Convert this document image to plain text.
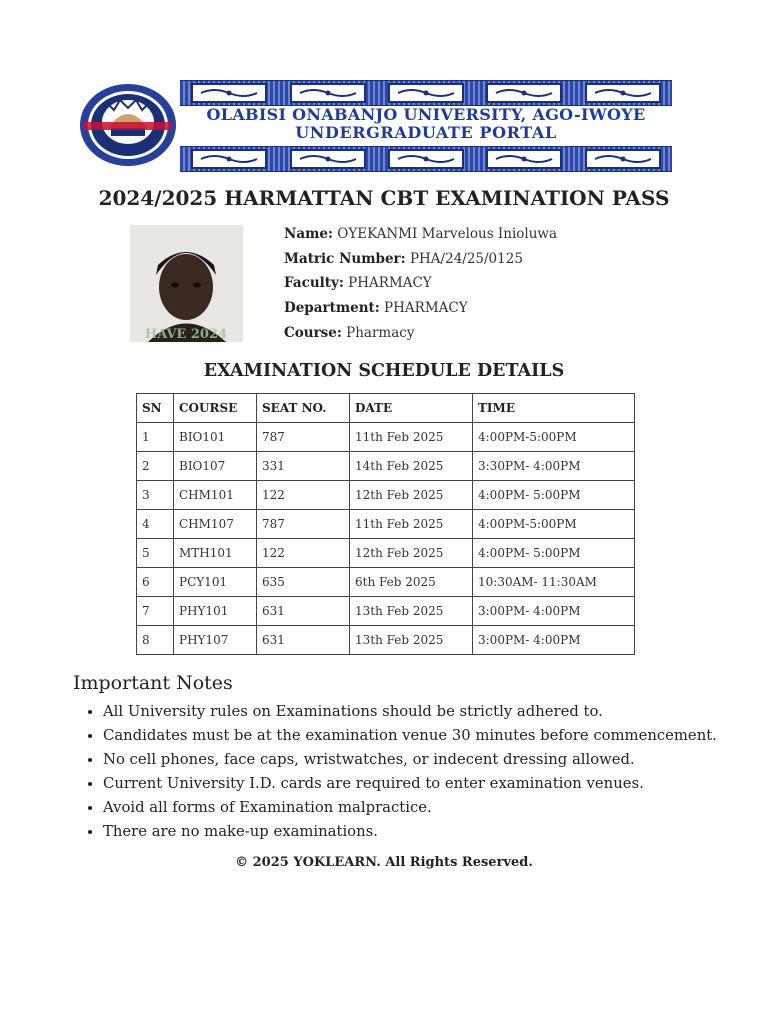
OLABISI ONABANJO UNIVERSITY, AGO-IWOYE
UNDERGRADUATE PORTAL
2024/2025 HARMATTAN CBT EXAMINATION PASS
HAVE 2024
Name: OYEKANMI Marvelous Inioluwa
Matric Number: PHA/24/25/0125
Faculty: PHARMACY
Department: PHARMACY
Course: Pharmacy
EXAMINATION SCHEDULE DETAILS
SN	COURSE	SEAT NO.	DATE	TIME
1	BIO101	787	11th Feb 2025	4:00PM-5:00PM
2	BIO107	331	14th Feb 2025	3:30PM- 4:00PM
3	CHM101	122	12th Feb 2025	4:00PM- 5:00PM
4	CHM107	787	11th Feb 2025	4:00PM-5:00PM
5	MTH101	122	12th Feb 2025	4:00PM- 5:00PM
6	PCY101	635	6th Feb 2025	10:30AM- 11:30AM
7	PHY101	631	13th Feb 2025	3:00PM- 4:00PM
8	PHY107	631	13th Feb 2025	3:00PM- 4:00PM
Important Notes
• All University rules on Examinations should be strictly adhered to.
• Candidates must be at the examination venue 30 minutes before commencement.
• No cell phones, face caps, wristwatches, or indecent dressing allowed.
• Current University I.D. cards are required to enter examination venues.
• Avoid all forms of Examination malpractice.
• There are no make-up examinations.
© 2025 YOKLEARN. All Rights Reserved.
